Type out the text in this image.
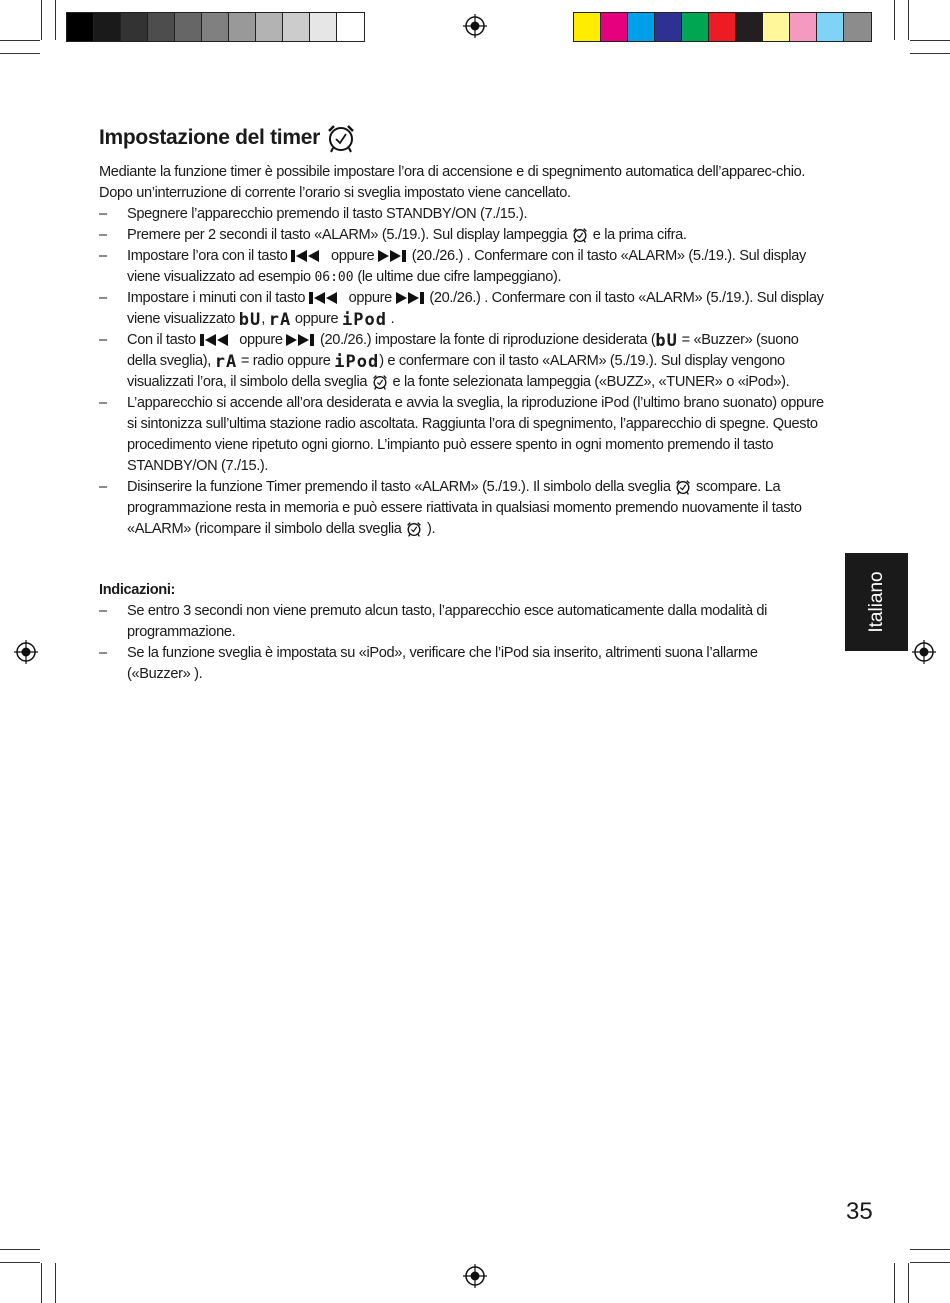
Impostazione del timer

Mediante la funzione timer è possibile impostare l’ora di accensione e di spegnimento automatica dell’apparec-chio. Dopo un’interruzione di corrente l’orario si sveglia impostato viene cancellato.

– Spegnere l’apparecchio premendo il tasto STANDBY/ON (7./15.).
– Premere per 2 secondi il tasto «ALARM» (5./19.). Sul display lampeggia e la prima cifra.
– Impostare l’ora con il tasto	oppure	(20./26.) . Confermare con il tasto «ALARM» (5./19.). Sul display viene visualizzato ad esempio 06:00 (le ultime due cifre lampeggiano).
– Impostare i minuti con il tasto	oppure	(20./26.) . Confermare con il tasto «ALARM» (5./19.). Sul display viene visualizzato bU, rA oppure iPod .
– Con il tasto	oppure	(20./26.) impostare la fonte di riproduzione desiderata (bU = «Buzzer» (suono della sveglia), rA = radio oppure iPod) e confermare con il tasto «ALARM» (5./19.). Sul display vengono visualizzati l’ora, il simbolo della sveglia e la fonte selezionata lampeggia («BUZZ», «TUNER» o «iPod»).
– L’apparecchio si accende all’ora desiderata e avvia la sveglia, la riproduzione iPod (l’ultimo brano suonato) oppure si sintonizza sull’ultima stazione radio ascoltata. Raggiunta l’ora di spegnimento, l’apparecchio di spegne. Questo procedimento viene ripetuto ogni giorno. L’impianto può essere spento in ogni momento premendo il tasto STANDBY/ON (7./15.).
– Disinserire la funzione Timer premendo il tasto «ALARM» (5./19.). Il simbolo della sveglia scompare. La programmazione resta in memoria e può essere riattivata in qualsiasi momento premendo nuovamente il tasto «ALARM» (ricompare il simbolo della sveglia ).

Indicazioni:

– Se entro 3 secondi non viene premuto alcun tasto, l’apparecchio esce automaticamente dalla modalità di programmazione.
– Se la funzione sveglia è impostata su «iPod», verificare che l’iPod sia inserito, altrimenti suona l’allarme («Buzzer» ).
Italiano
35
